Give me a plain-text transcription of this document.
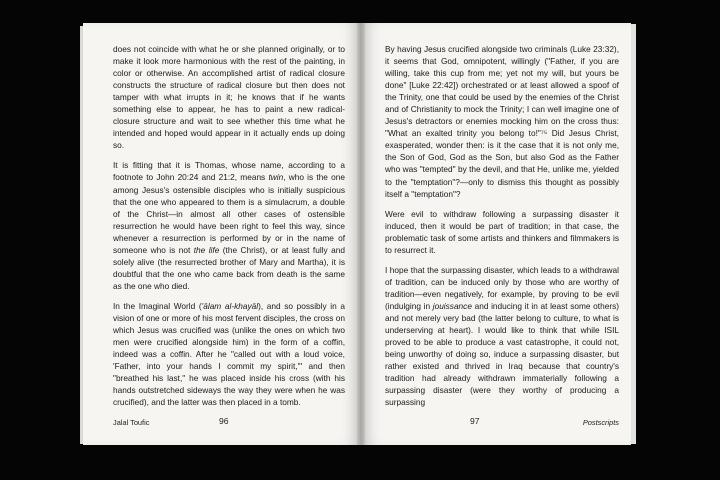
does not coincide with what he or she planned originally, or to make it look more harmonious with the rest of the painting, in color or otherwise. An accomplished artist of radical closure constructs the structure of radical closure but then does not tamper with what irrupts in it; he knows that if he wants something else to appear, he has to paint a new radical-closure structure and wait to see whether this time what he intended and hoped would appear in it actually ends up doing so.

It is fitting that it is Thomas, whose name, according to a footnote to John 20:24 and 21:2, means twin, who is the one among Jesus's ostensible disciples who is initially suspicious that the one who appeared to them is a simulacrum, a double of the Christ—in almost all other cases of ostensible resurrection he would have been right to feel this way, since whenever a resurrection is performed by or in the name of someone who is not the life (the Christ), or at least fully and solely alive (the resurrected brother of Mary and Martha), it is doubtful that the one who came back from death is the same as the one who died.

In the Imaginal World ('ālam al-khayāl), and so possibly in a vision of one or more of his most fervent disciples, the cross on which Jesus was crucified was (unlike the ones on which two men were crucified alongside him) in the form of a coffin, indeed was a coffin. After he "called out with a loud voice, 'Father, into your hands I commit my spirit,'" and then "breathed his last," he was placed inside his cross (with his hands outstretched sideways the way they were when he was crucified), and the latter was then placed in a tomb.

Jalal Toufic	96

By having Jesus crucified alongside two criminals (Luke 23:32), it seems that God, omnipotent, willingly ("Father, if you are willing, take this cup from me; yet not my will, but yours be done" [Luke 22:42]) orchestrated or at least allowed a spoof of the Trinity, one that could be used by the enemies of the Christ and of Christianity to mock the Trinity; I can well imagine one of Jesus's detractors or enemies mocking him on the cross thus: "What an exalted trinity you belong to!"⁷⁵ Did Jesus Christ, exasperated, wonder then: is it the case that it is not only me, the Son of God, God as the Son, but also God as the Father who was "tempted" by the devil, and that He, unlike me, yielded to the "temptation"?—only to dismiss this thought as possibly itself a "temptation"?

Were evil to withdraw following a surpassing disaster it induced, then it would be part of tradition; in that case, the problematic task of some artists and thinkers and filmmakers is to resurrect it.

I hope that the surpassing disaster, which leads to a withdrawal of tradition, can be induced only by those who are worthy of tradition—even negatively, for example, by proving to be evil (indulging in jouissance and inducing it in at least some others) and not merely very bad (the latter belong to culture, to what is underserving at heart). I would like to think that while ISIL proved to be able to produce a vast catastrophe, it could not, being unworthy of doing so, induce a surpassing disaster, but rather existed and thrived in Iraq because that country's tradition had already withdrawn immaterially following a surpassing disaster (were they worthy of producing a surpassing

97	Postscripts
